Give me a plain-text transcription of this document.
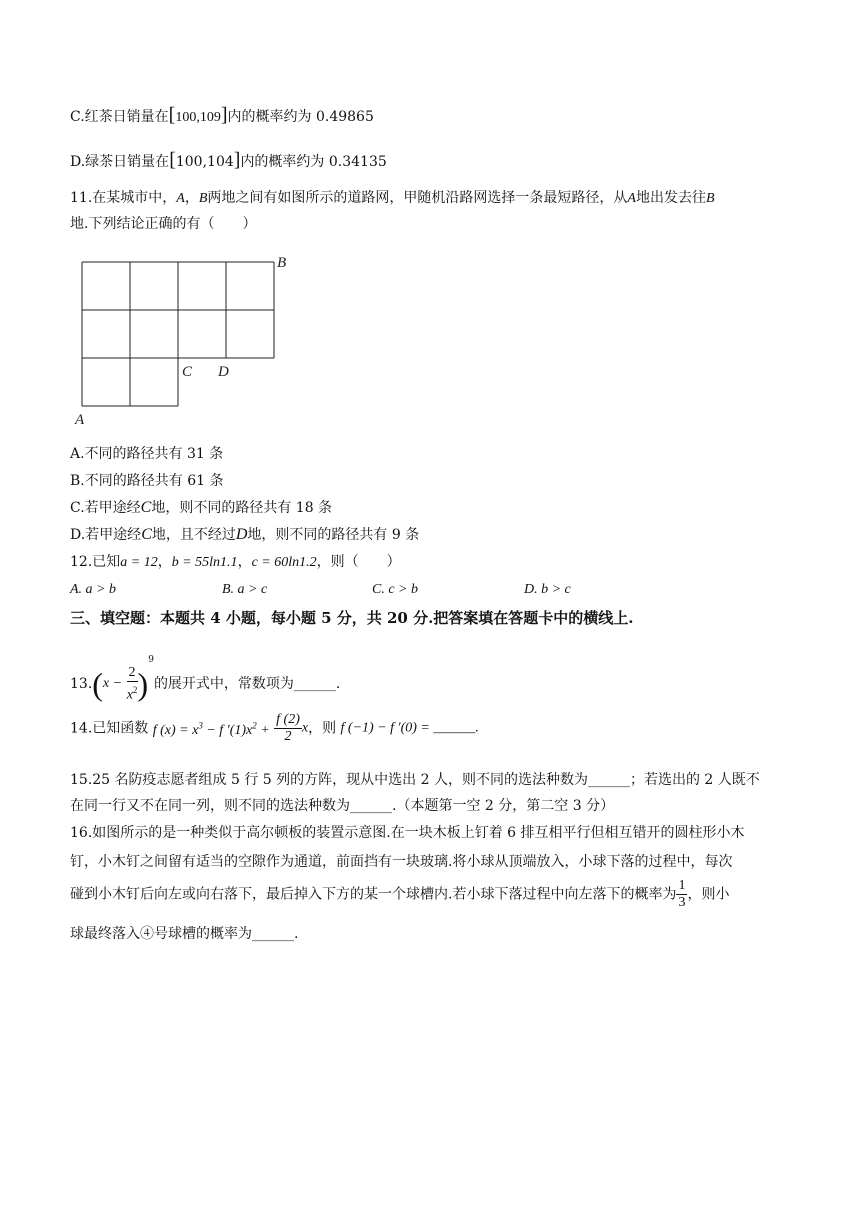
C.红茶日销量在[100,109]内的概率约为 0.49865
D.绿茶日销量在[100,104]内的概率约为 0.34135
11.在某城市中，A，B两地之间有如图所示的道路网，甲随机沿路网选择一条最短路径，从A地出发去往B
地.下列结论正确的有（　　）
B
C D
A
A.不同的路径共有 31 条
B.不同的路径共有 61 条
C.若甲途经C地，则不同的路径共有 18 条
D.若甲途经C地，且不经过D地，则不同的路径共有 9 条
12.已知a = 12，b = 55ln1.1，c = 60ln1.2，则（　　）
A. a > b	B. a > c	C. c > b	D. b > c
三、填空题：本题共 4 小题，每小题 5 分，共 20 分.把答案填在答题卡中的横线上.
$13.(x - \frac{2}{x^2} )^9$的展开式中，常数项为______.
14.已知函数 f $(x) = x^3 - f$ $'(1)x^2 + \frac{f (2)}{2}$ x，则 f (−1) − f ′(0) = ______.
15.25 名防疫志愿者组成 5 行 5 列的方阵，现从中选出 2 人，则不同的选法种数为______；若选出的 2 人既不
在同一行又不在同一列，则不同的选法种数为______.（本题第一空 2 分，第二空 3 分）
16.如图所示的是一种类似于高尔顿板的装置示意图.在一块木板上钉着 6 排互相平行但相互错开的圆柱形小木
钉，小木钉之间留有适当的空隙作为通道，前面挡有一块玻璃.将小球从顶端放入，小球下落的过程中，每次
碰到小木钉后向左或向右落下，最后掉入下方的某一个球槽内.若小球下落过程中向左落下的概率为 $\frac{1}{3}$ ，则小
球最终落入④号球槽的概率为______.
